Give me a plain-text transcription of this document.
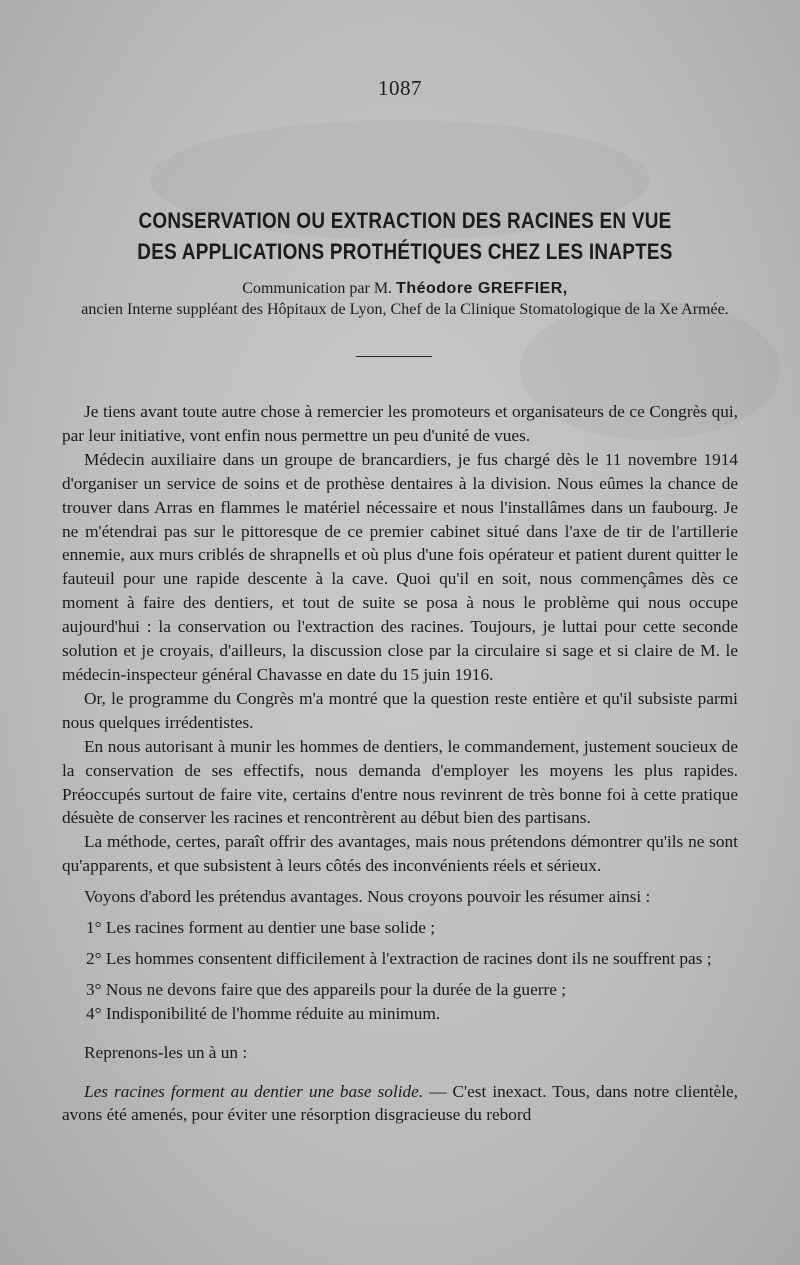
1087
CONSERVATION OU EXTRACTION DES RACINES EN VUE
DES APPLICATIONS PROTHÉTIQUES CHEZ LES INAPTES
Communication par M. Théodore GREFFIER,
ancien Interne suppléant des Hôpitaux de Lyon, Chef de la Clinique Stomatologique de la Xe Armée.

Je tiens avant toute autre chose à remercier les promoteurs et organisateurs de ce Congrès qui, par leur initiative, vont enfin nous permettre un peu d'unité de vues.

Médecin auxiliaire dans un groupe de brancardiers, je fus chargé dès le 11 novembre 1914 d'organiser un service de soins et de prothèse dentaires à la division. Nous eûmes la chance de trouver dans Arras en flammes le matériel nécessaire et nous l'installâmes dans un faubourg. Je ne m'étendrai pas sur le pittoresque de ce premier cabinet situé dans l'axe de tir de l'artillerie ennemie, aux murs criblés de shrapnells et où plus d'une fois opérateur et patient durent quitter le fauteuil pour une rapide descente à la cave. Quoi qu'il en soit, nous commençâmes dès ce moment à faire des dentiers, et tout de suite se posa à nous le problème qui nous occupe aujourd'hui : la conservation ou l'extraction des racines. Toujours, je luttai pour cette seconde solution et je croyais, d'ailleurs, la discussion close par la circulaire si sage et si claire de M. le médecin-inspecteur général Chavasse en date du 15 juin 1916.

Or, le programme du Congrès m'a montré que la question reste entière et qu'il subsiste parmi nous quelques irrédentistes.

En nous autorisant à munir les hommes de dentiers, le commandement, justement soucieux de la conservation de ses effectifs, nous demanda d'employer les moyens les plus rapides. Préoccupés surtout de faire vite, certains d'entre nous revinrent de très bonne foi à cette pratique désuète de conserver les racines et rencontrèrent au début bien des partisans.

La méthode, certes, paraît offrir des avantages, mais nous prétendons démontrer qu'ils ne sont qu'apparents, et que subsistent à leurs côtés des inconvénients réels et sérieux.

Voyons d'abord les prétendus avantages. Nous croyons pouvoir les résumer ainsi :

1° Les racines forment au dentier une base solide ;

2° Les hommes consentent difficilement à l'extraction de racines dont ils ne souffrent pas ;

3° Nous ne devons faire que des appareils pour la durée de la guerre ;

4° Indisponibilité de l'homme réduite au minimum.

Reprenons-les un à un :

Les racines forment au dentier une base solide. — C'est inexact. Tous, dans notre clientèle, avons été amenés, pour éviter une résorption disgracieuse du rebord
